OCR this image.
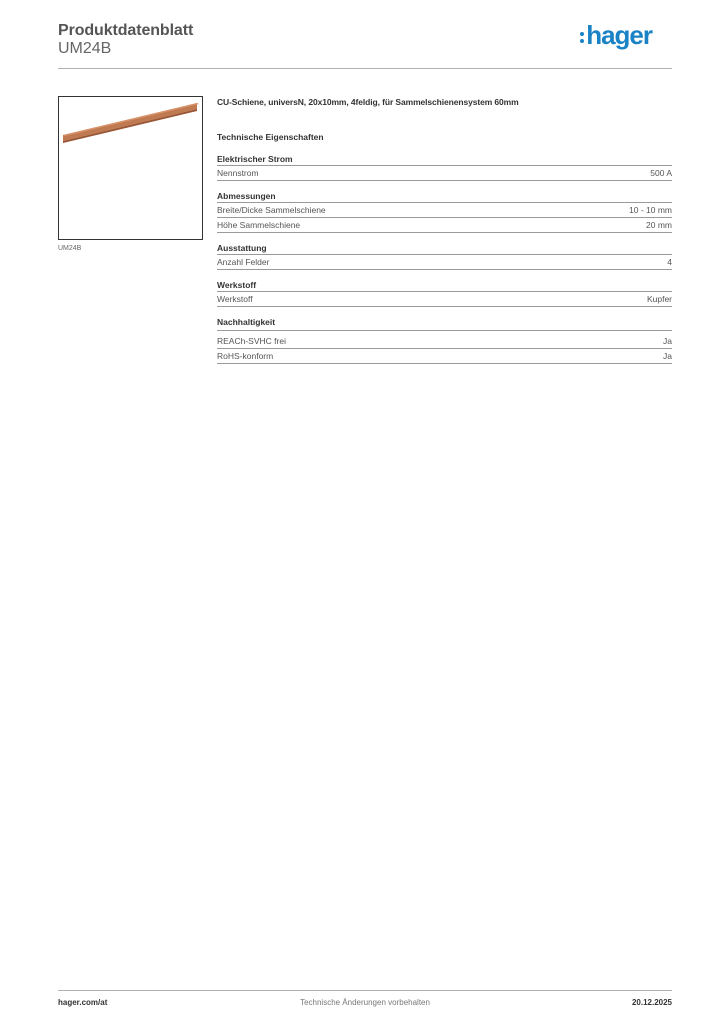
Produktdatenblatt
UM24B	hager
UM24B

CU-Schiene, universN, 20x10mm, 4feldig, für Sammelschienensystem 60mm

Technische Eigenschaften

Elektrischer Strom
Nennstrom	500 A
Abmessungen
Breite/Dicke Sammelschiene	10 - 10 mm
Höhe Sammelschiene	20 mm
Ausstattung
Anzahl Felder	4
Werkstoff
Werkstoff	Kupfer
Nachhaltigkeit
REACh-SVHC frei	Ja
RoHS-konform	Ja
Technische Änderungen vorbehalten
hager.com/at	20.12.2025
